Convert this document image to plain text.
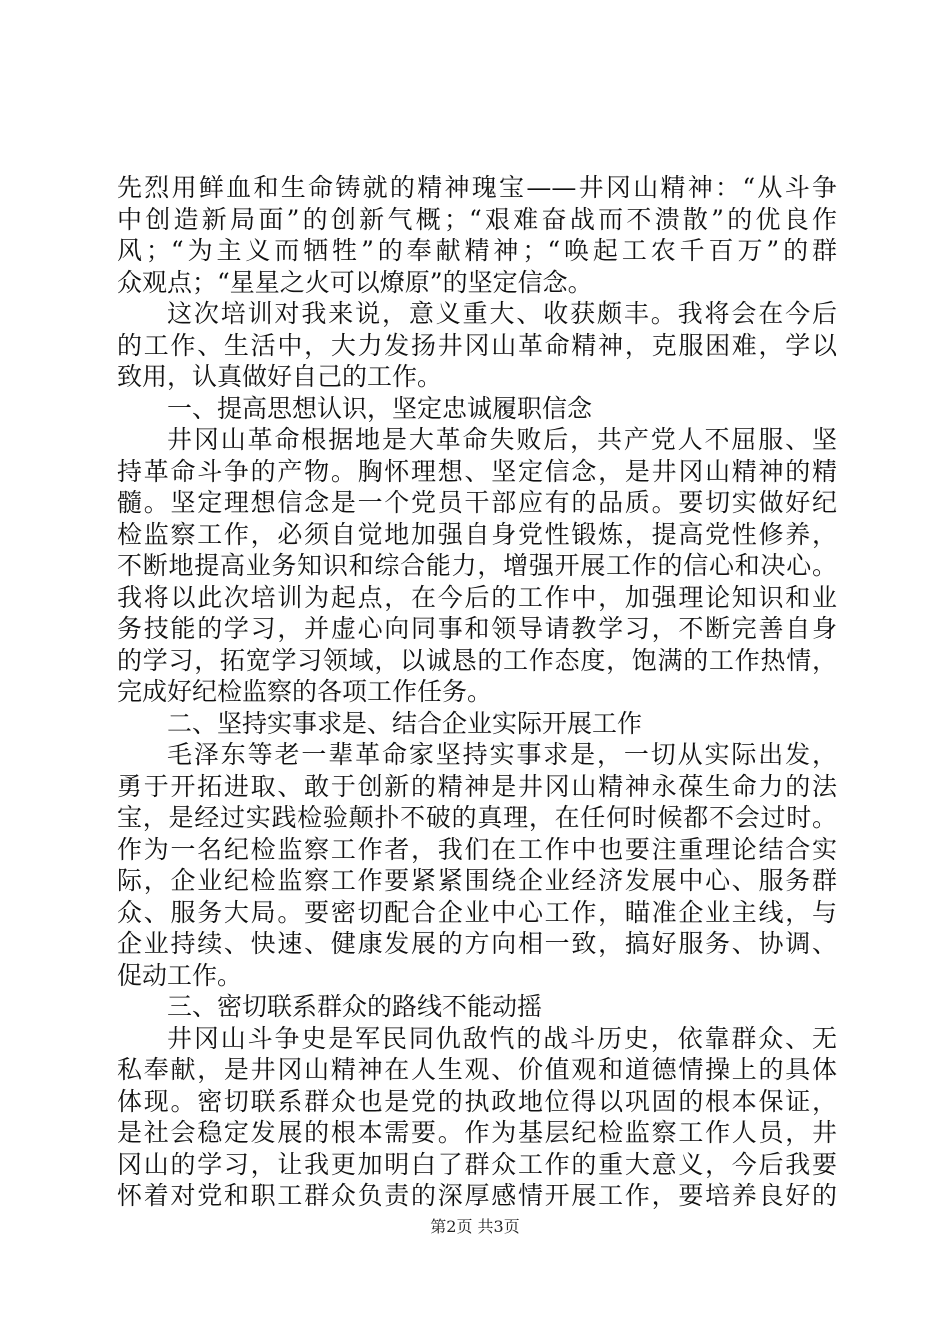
先烈用鲜血和生命铸就的精神瑰宝——井冈山精神：“从斗争
中创造新局面”的创新气概；“艰难奋战而不溃散”的优良作
风；“为主义而牺牲”的奉献精神；“唤起工农千百万”的群
众观点；“星星之火可以燎原”的坚定信念。
这次培训对我来说，意义重大、收获颇丰。我将会在今后
的工作、生活中，大力发扬井冈山革命精神，克服困难，学以
致用，认真做好自己的工作。
一、提高思想认识，坚定忠诚履职信念
井冈山革命根据地是大革命失败后，共产党人不屈服、坚
持革命斗争的产物。胸怀理想、坚定信念，是井冈山精神的精
髓。坚定理想信念是一个党员干部应有的品质。要切实做好纪
检监察工作，必须自觉地加强自身党性锻炼，提高党性修养，
不断地提高业务知识和综合能力，增强开展工作的信心和决心。
我将以此次培训为起点，在今后的工作中，加强理论知识和业
务技能的学习，并虚心向同事和领导请教学习，不断完善自身
的学习，拓宽学习领域，以诚恳的工作态度，饱满的工作热情，
完成好纪检监察的各项工作任务。
二、坚持实事求是、结合企业实际开展工作
毛泽东等老一辈革命家坚持实事求是，一切从实际出发，
勇于开拓进取、敢于创新的精神是井冈山精神永葆生命力的法
宝，是经过实践检验颠扑不破的真理，在任何时候都不会过时。
作为一名纪检监察工作者，我们在工作中也要注重理论结合实
际，企业纪检监察工作要紧紧围绕企业经济发展中心、服务群
众、服务大局。要密切配合企业中心工作，瞄准企业主线，与
企业持续、快速、健康发展的方向相一致，搞好服务、协调、
促动工作。
三、密切联系群众的路线不能动摇
井冈山斗争史是军民同仇敌忾的战斗历史，依靠群众、无
私奉献，是井冈山精神在人生观、价值观和道德情操上的具体
体现。密切联系群众也是党的执政地位得以巩固的根本保证，
是社会稳定发展的根本需要。作为基层纪检监察工作人员，井
冈山的学习，让我更加明白了群众工作的重大意义，今后我要
怀着对党和职工群众负责的深厚感情开展工作，要培养良好的
第2页 共3页
